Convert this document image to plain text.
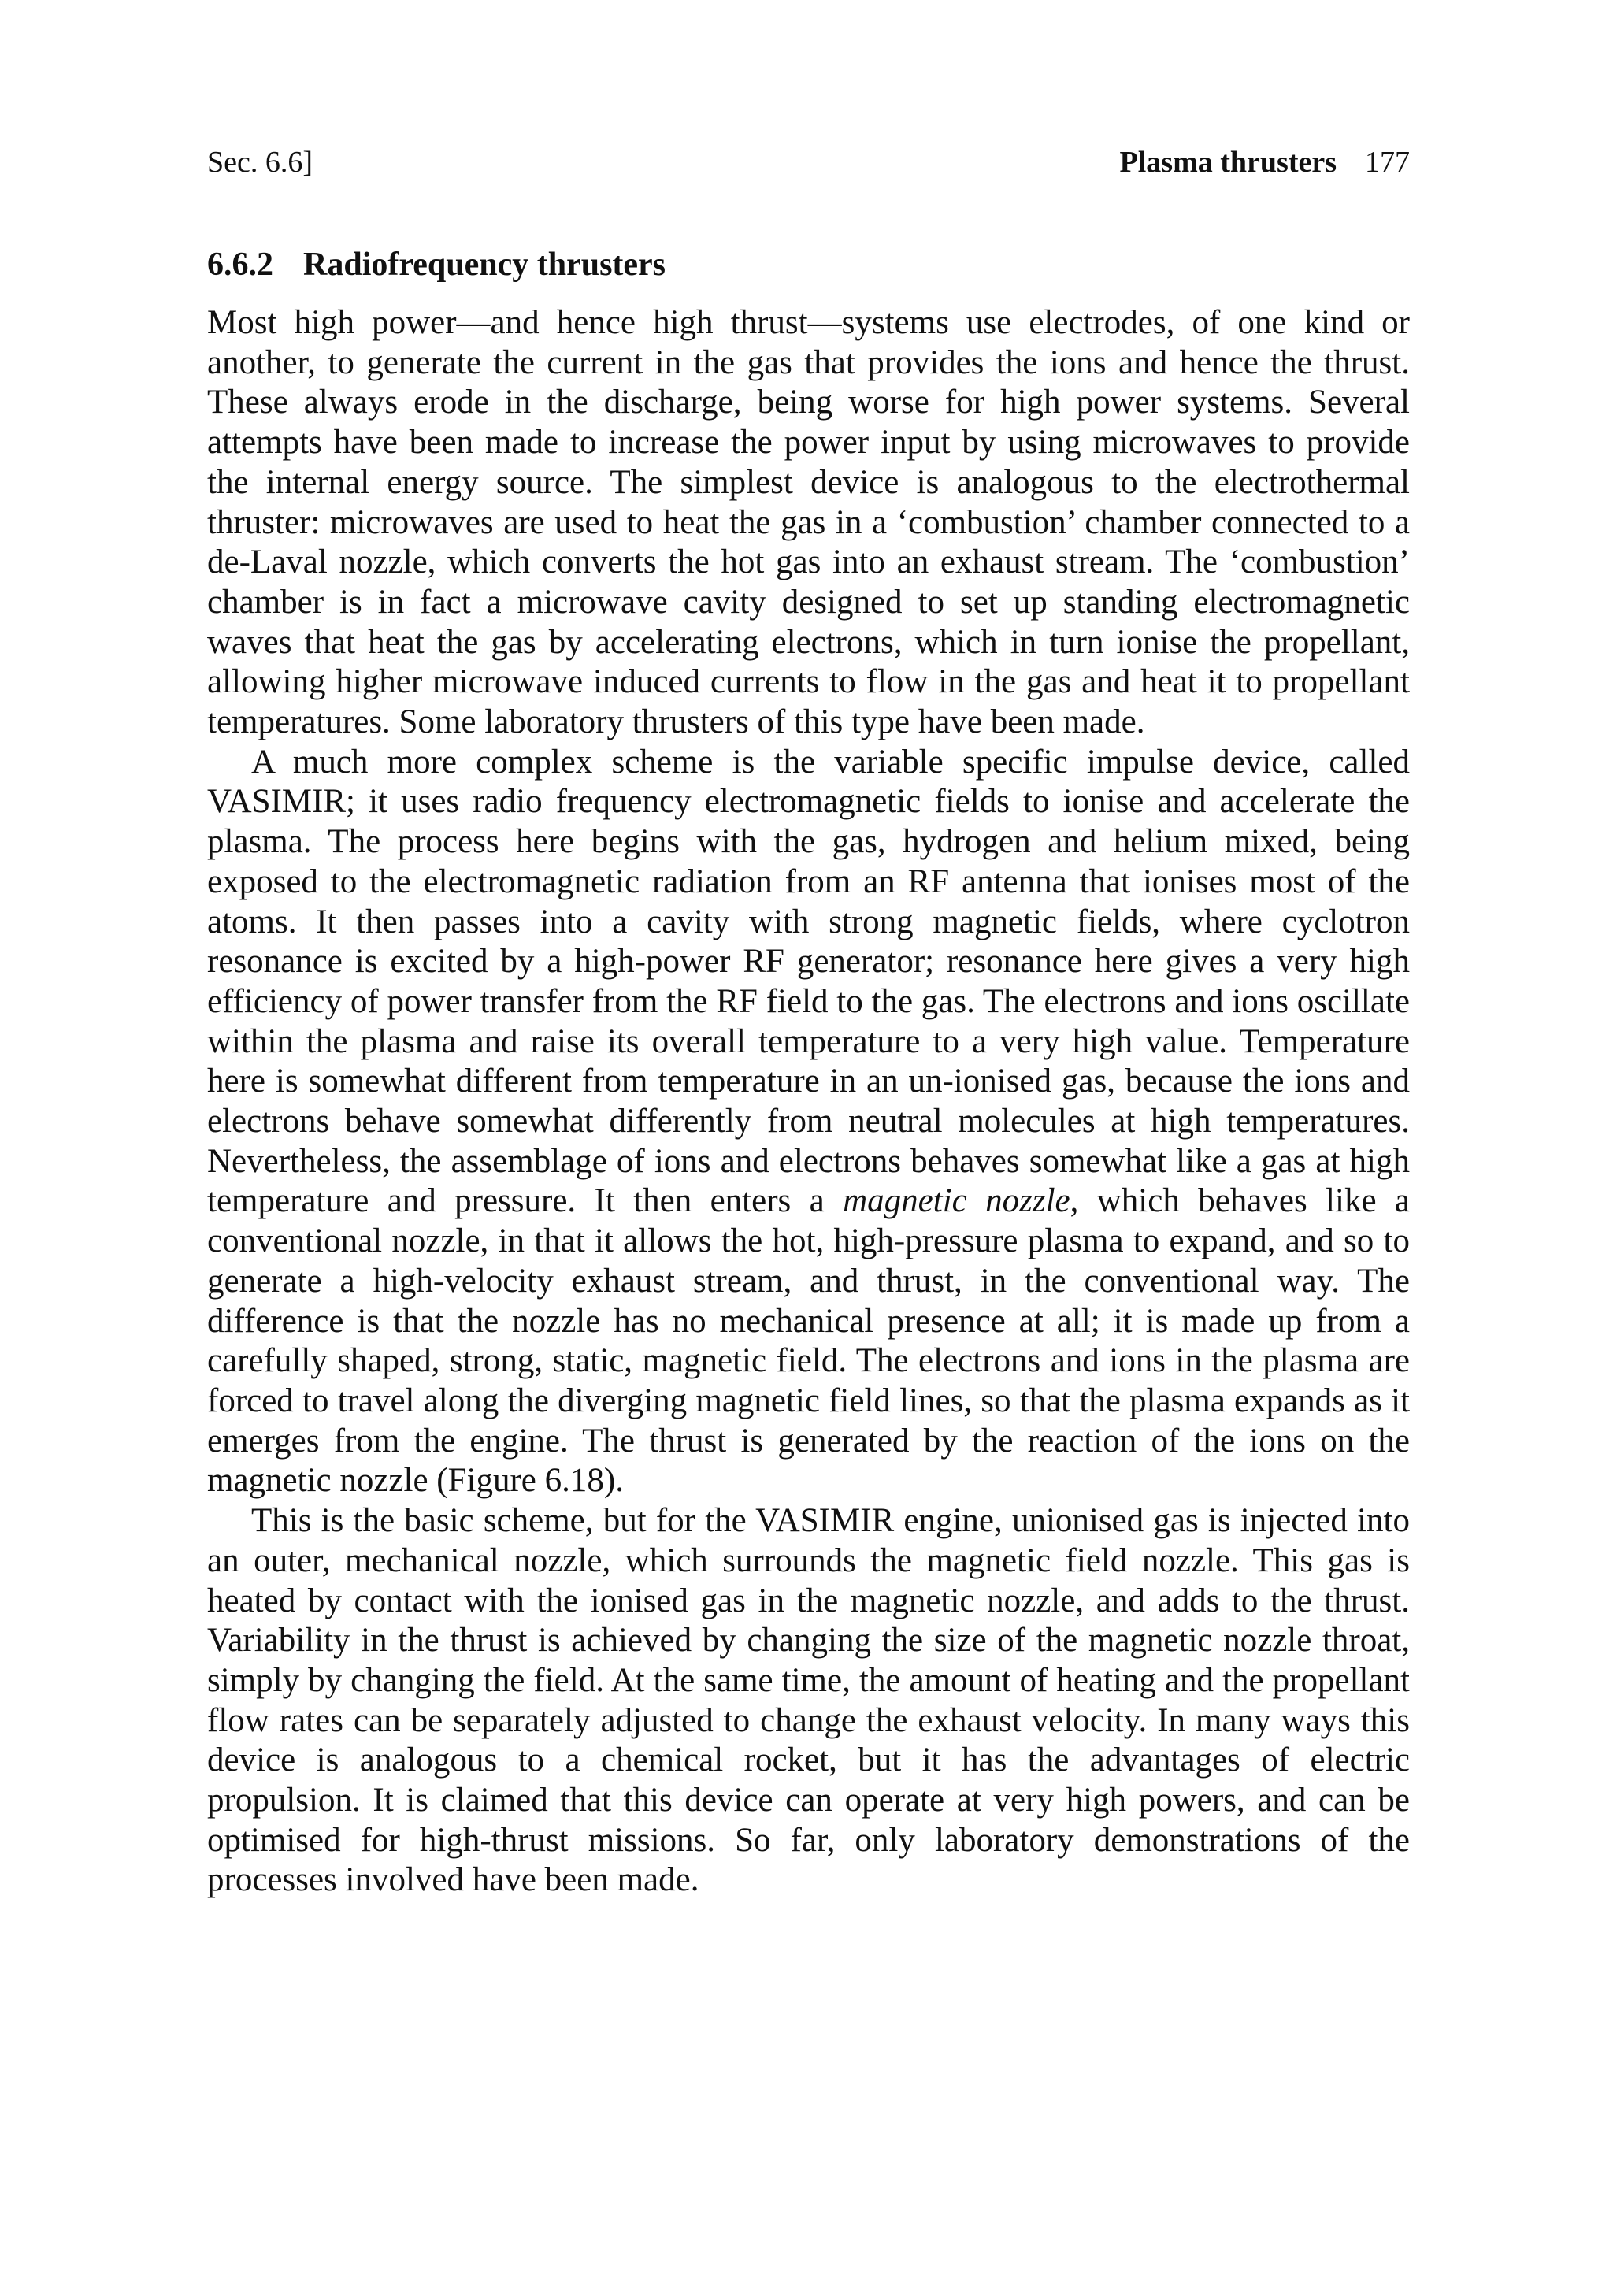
Sec. 6.6]	Plasma thrusters 177
6.6.2 Radiofrequency thrusters

Most high power—and hence high thrust—systems use electrodes, of one kind or another, to generate the current in the gas that provides the ions and hence the thrust. These always erode in the discharge, being worse for high power systems. Several attempts have been made to increase the power input by using microwaves to provide the internal energy source. The simplest device is analogous to the electrothermal thruster: microwaves are used to heat the gas in a ‘combustion’ chamber connected to a de-Laval nozzle, which converts the hot gas into an exhaust stream. The ‘combustion’ chamber is in fact a microwave cavity designed to set up standing electromagnetic waves that heat the gas by accelerating electrons, which in turn ionise the propellant, allowing higher microwave induced currents to flow in the gas and heat it to propellant temperatures. Some laboratory thrusters of this type have been made.

A much more complex scheme is the variable specific impulse device, called VASIMIR; it uses radio frequency electromagnetic fields to ionise and accelerate the plasma. The process here begins with the gas, hydrogen and helium mixed, being exposed to the electromagnetic radiation from an RF antenna that ionises most of the atoms. It then passes into a cavity with strong magnetic fields, where cyclotron resonance is excited by a high-power RF generator; resonance here gives a very high efficiency of power transfer from the RF field to the gas. The electrons and ions oscillate within the plasma and raise its overall temperature to a very high value. Temperature here is somewhat different from temperature in an un-ionised gas, because the ions and electrons behave somewhat differently from neutral molecules at high temperatures. Nevertheless, the assemblage of ions and electrons behaves somewhat like a gas at high temperature and pressure. It then enters a magnetic nozzle, which behaves like a conventional nozzle, in that it allows the hot, high-pressure plasma to expand, and so to generate a high-velocity exhaust stream, and thrust, in the conventional way. The difference is that the nozzle has no mechanical presence at all; it is made up from a carefully shaped, strong, static, magnetic field. The electrons and ions in the plasma are forced to travel along the diverging magnetic field lines, so that the plasma expands as it emerges from the engine. The thrust is generated by the reaction of the ions on the magnetic nozzle (Figure 6.18).

This is the basic scheme, but for the VASIMIR engine, unionised gas is injected into an outer, mechanical nozzle, which surrounds the magnetic field nozzle. This gas is heated by contact with the ionised gas in the magnetic nozzle, and adds to the thrust. Variability in the thrust is achieved by changing the size of the magnetic nozzle throat, simply by changing the field. At the same time, the amount of heating and the propellant flow rates can be separately adjusted to change the exhaust velocity. In many ways this device is analogous to a chemical rocket, but it has the advantages of electric propulsion. It is claimed that this device can operate at very high powers, and can be optimised for high-thrust missions. So far, only laboratory demonstrations of the processes involved have been made.
